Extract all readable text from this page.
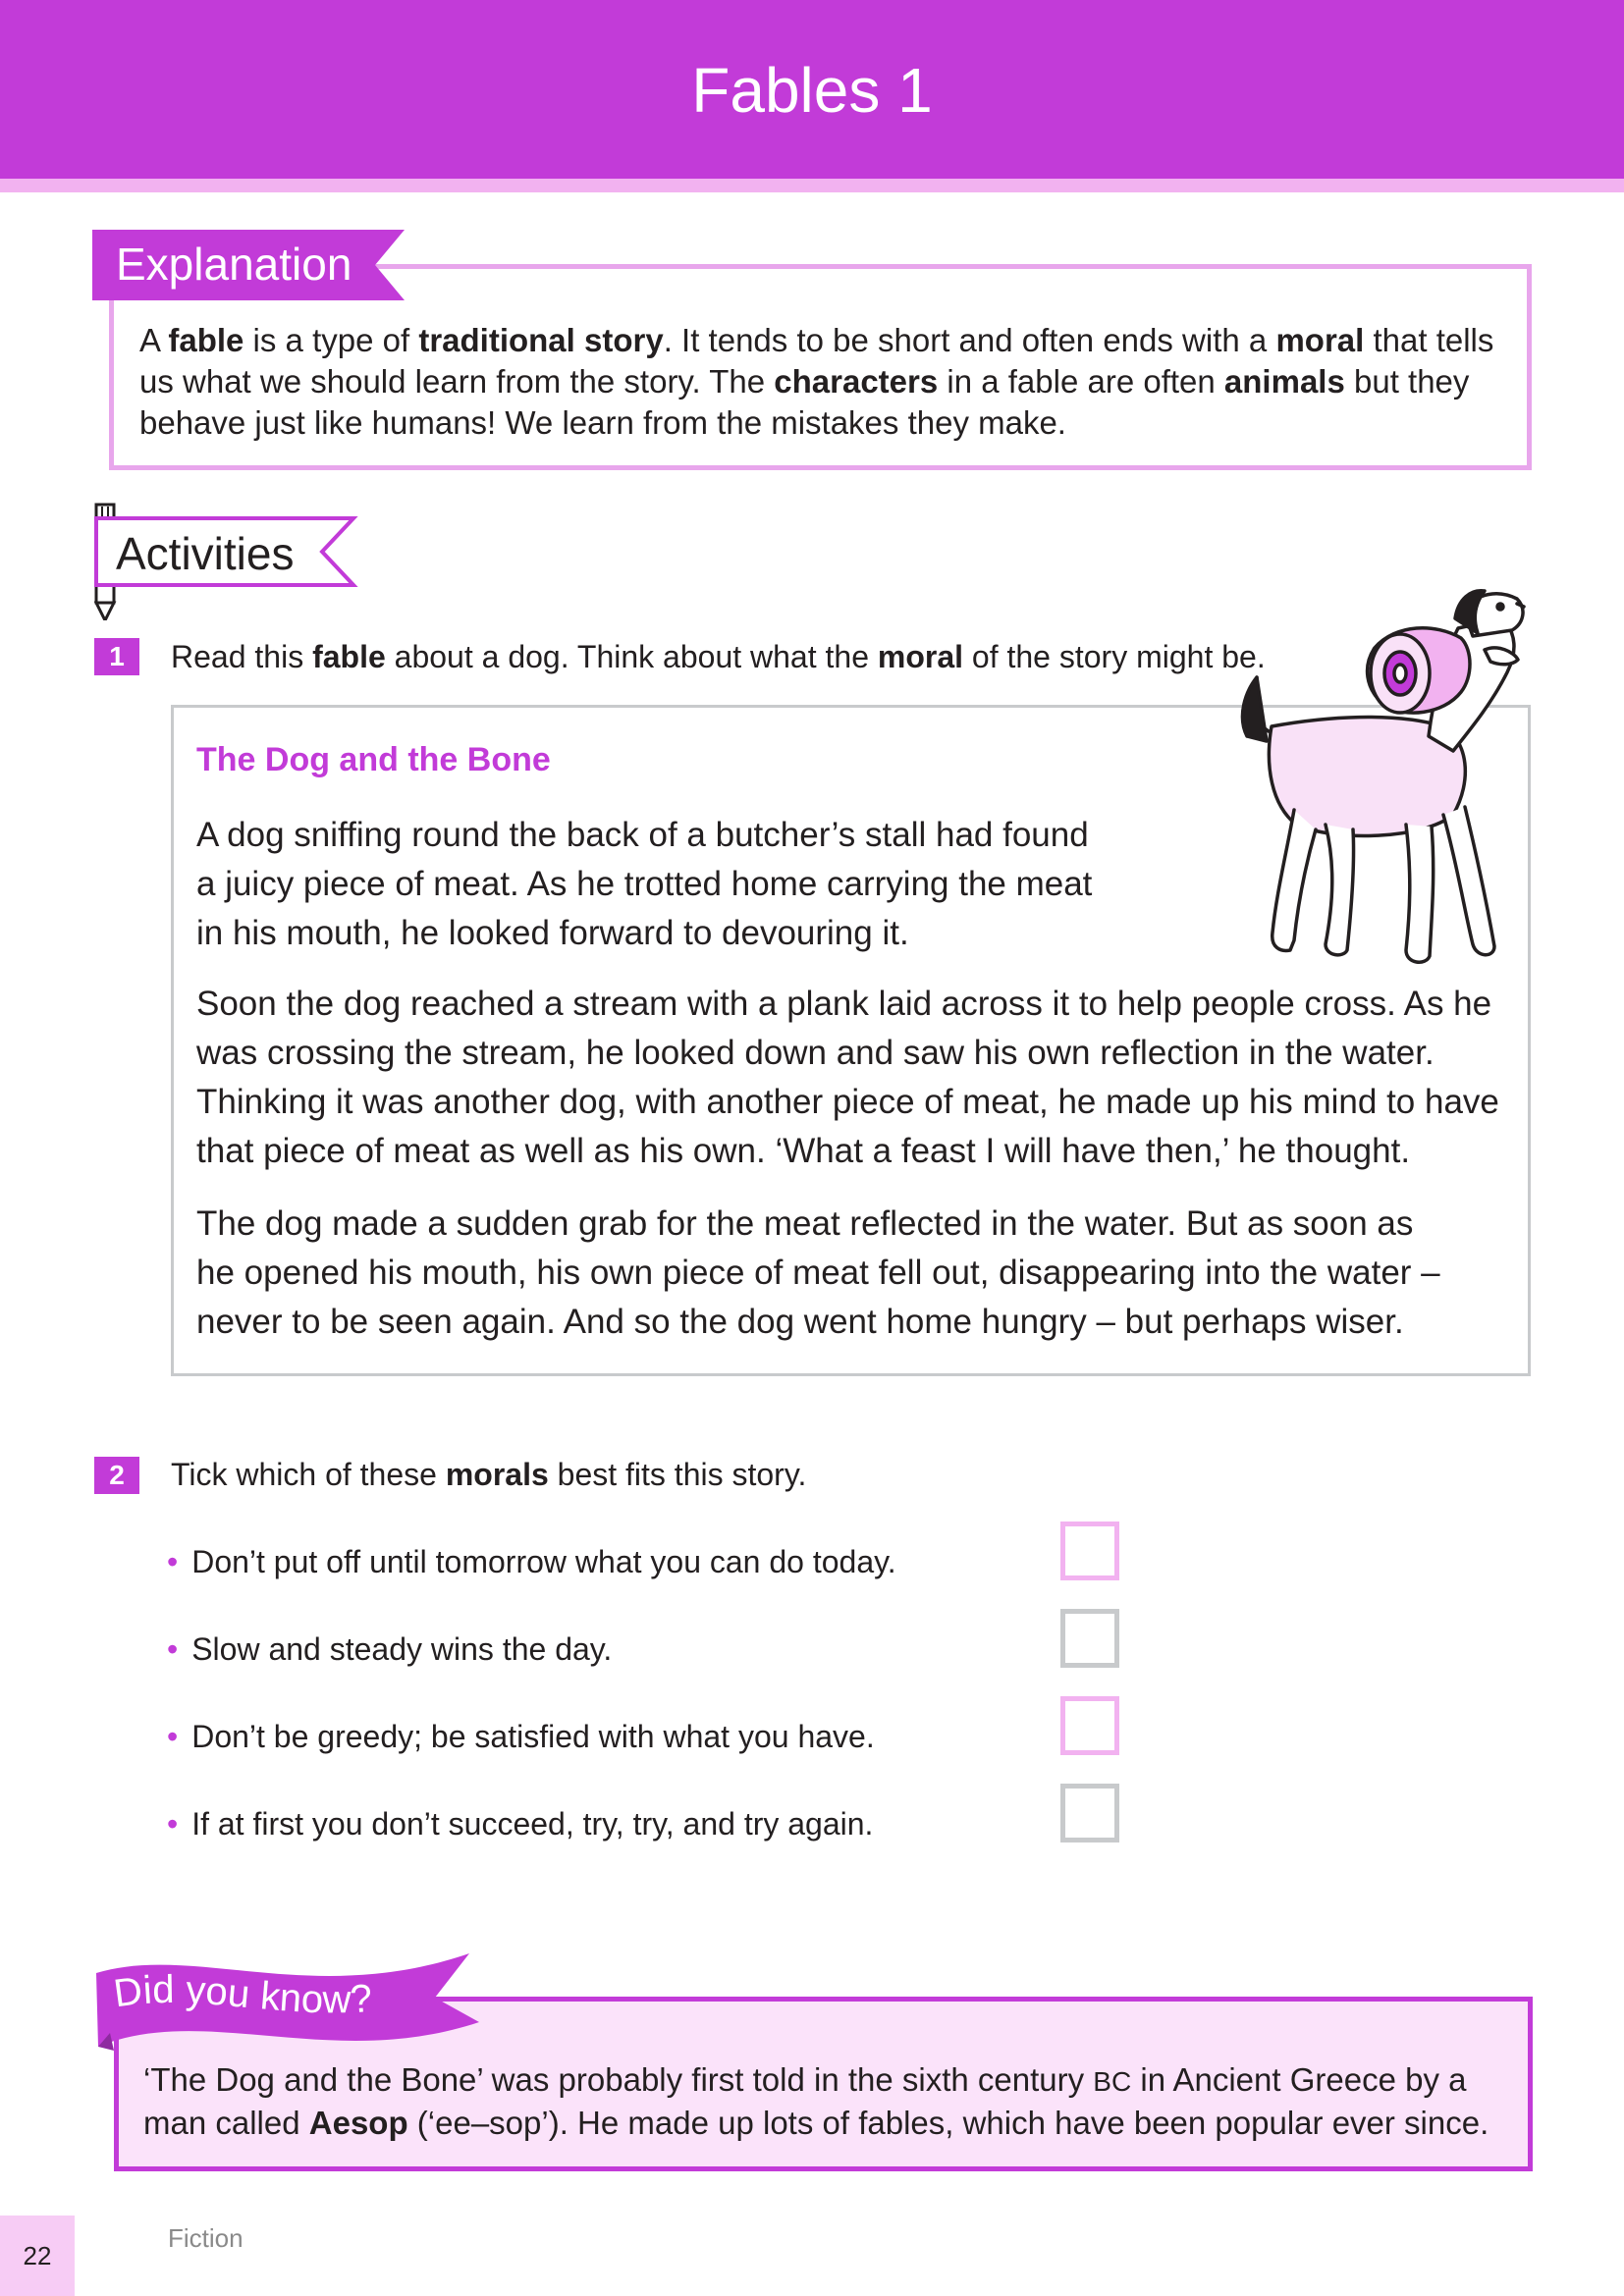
Fables 1
Explanation
A fable is a type of traditional story. It tends to be short and often ends with a moral that tells us what we should learn from the story. The characters in a fable are often animals but they behave just like humans! We learn from the mistakes they make.
Activities
1	Read this fable about a dog. Think about what the moral of the story might be.
The Dog and the Bone
A dog sniffing round the back of a butcher’s stall had found
a juicy piece of meat. As he trotted home carrying the meat
in his mouth, he looked forward to devouring it.
Soon the dog reached a stream with a plank laid across it to help people cross. As he
was crossing the stream, he looked down and saw his own reflection in the water.
Thinking it was another dog, with another piece of meat, he made up his mind to have
that piece of meat as well as his own. ‘What a feast I will have then,’ he thought.
The dog made a sudden grab for the meat reflected in the water. But as soon as
he opened his mouth, his own piece of meat fell out, disappearing into the water –
never to be seen again. And so the dog went home hungry – but perhaps wiser.
2	Tick which of these morals best fits this story.
• Don’t put off until tomorrow what you can do today.
• Slow and steady wins the day.
• Don’t be greedy; be satisfied with what you have.
• If at first you don’t succeed, try, try, and try again.
Did you know?
‘The Dog and the Bone’ was probably first told in the sixth century BC in Ancient Greece by a man called Aesop (‘ee–sop’). He made up lots of fables, which have been popular ever since.
22
Fiction
